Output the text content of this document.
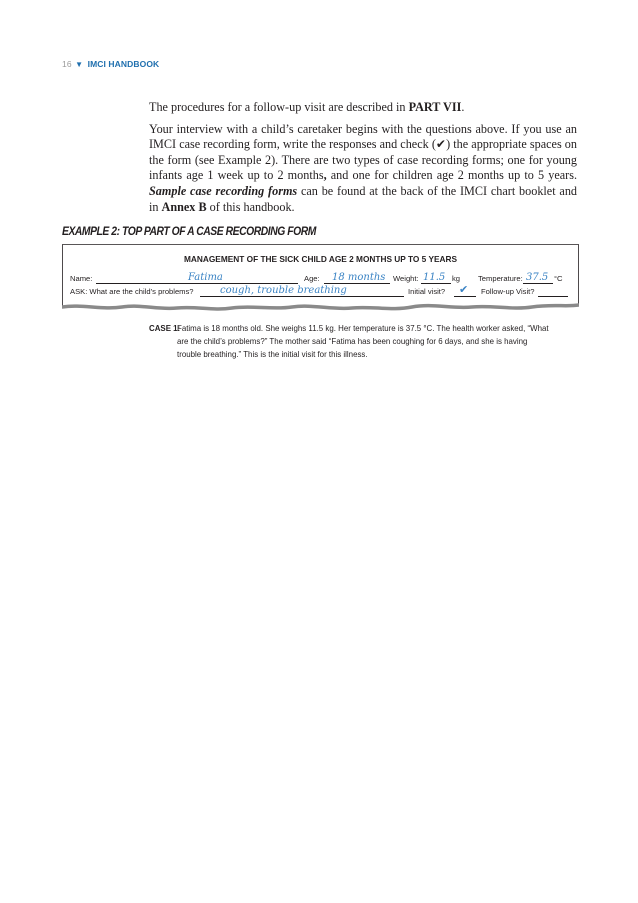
16 ▼ IMCI HANDBOOK

The procedures for a follow-up visit are described in PART VII.

Your interview with a child’s caretaker begins with the questions above. If you use an IMCI case recording form, write the responses and check (✔) the appropriate spaces on the form (see Example 2). There are two types of case recording forms; one for young infants age 1 week up to 2 months, and one for children age 2 months up to 5 years. Sample case recording forms can be found at the back of the IMCI chart booklet and in Annex B of this handbook.

EXAMPLE 2: TOP PART OF A CASE RECORDING FORM
MANAGEMENT OF THE SICK CHILD AGE 2 MONTHS UP TO 5 YEARS
Name:	Fatima	Age: 18 months Weight: 11.5 kg Temperature: 37.5 °C
ASK: What are the child’s problems?	cough, trouble breathing	Initial visit? ✔ Follow-up Visit?
CASE 1:
Fatima is 18 months old. She weighs 11.5 kg. Her temperature is 37.5 °C. The health worker asked, “What are the child’s problems?” The mother said “Fatima has been coughing for 6 days, and she is having trouble breathing.” This is the initial visit for this illness.
